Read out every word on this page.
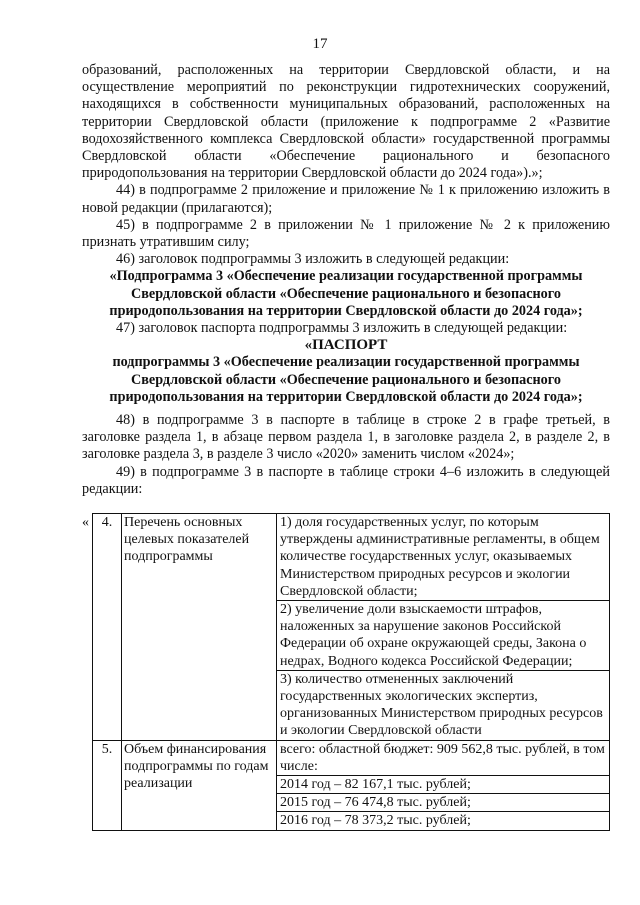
17

образований, расположенных на территории Свердловской области, и на осуществление мероприятий по реконструкции гидротехнических сооружений, находящихся в собственности муниципальных образований, расположенных на территории Свердловской области (приложение к подпрограмме 2 «Развитие водохозяйственного комплекса Свердловской области» государственной программы Свердловской области «Обеспечение рационального и безопасного природопользования на территории Свердловской области до 2024 года»).»;

44) в подпрограмме 2 приложение и приложение № 1 к приложению изложить в новой редакции (прилагаются);

45) в подпрограмме 2 в приложении № 1 приложение № 2 к приложению признать утратившим силу;

46) заголовок подпрограммы 3 изложить в следующей редакции:

«Подпрограмма 3 «Обеспечение реализации государственной программы Свердловской области «Обеспечение рационального и безопасного природопользования на территории Свердловской области до 2024 года»;

47) заголовок паспорта подпрограммы 3 изложить в следующей редакции:

«ПАСПОРТ

подпрограммы 3 «Обеспечение реализации государственной программы Свердловской области «Обеспечение рационального и безопасного природопользования на территории Свердловской области до 2024 года»;

48) в подпрограмме 3 в паспорте в таблице в строке 2 в графе третьей, в заголовке раздела 1, в абзаце первом раздела 1, в заголовке раздела 2, в разделе 2, в заголовке раздела 3, в разделе 3 число «2020» заменить числом «2024»;

49) в подпрограмме 3 в паспорте в таблице строки 4–6 изложить в следующей редакции:

«	4.	Перечень основных целевых показателей подпрограммы	1) доля государственных услуг, по которым утверждены административные регламенты, в общем количестве государственных услуг, оказываемых Министерством природных ресурсов и экологии Свердловской области;
2) увеличение доли взыскаемости штрафов, наложенных за нарушение законов Российской Федерации об охране окружающей среды, Закона о недрах, Водного кодекса Российской Федерации;
3) количество отмененных заключений государственных экологических экспертиз, организованных Министерством природных ресурсов и экологии Свердловской области

	5.	Объем финансирования подпрограммы по годам реализации	всего: областной бюджет: 909 562,8 тыс. рублей, в том числе:
2014 год – 82 167,1 тыс. рублей;
2015 год – 76 474,8 тыс. рублей;
2016 год – 78 373,2 тыс. рублей;
